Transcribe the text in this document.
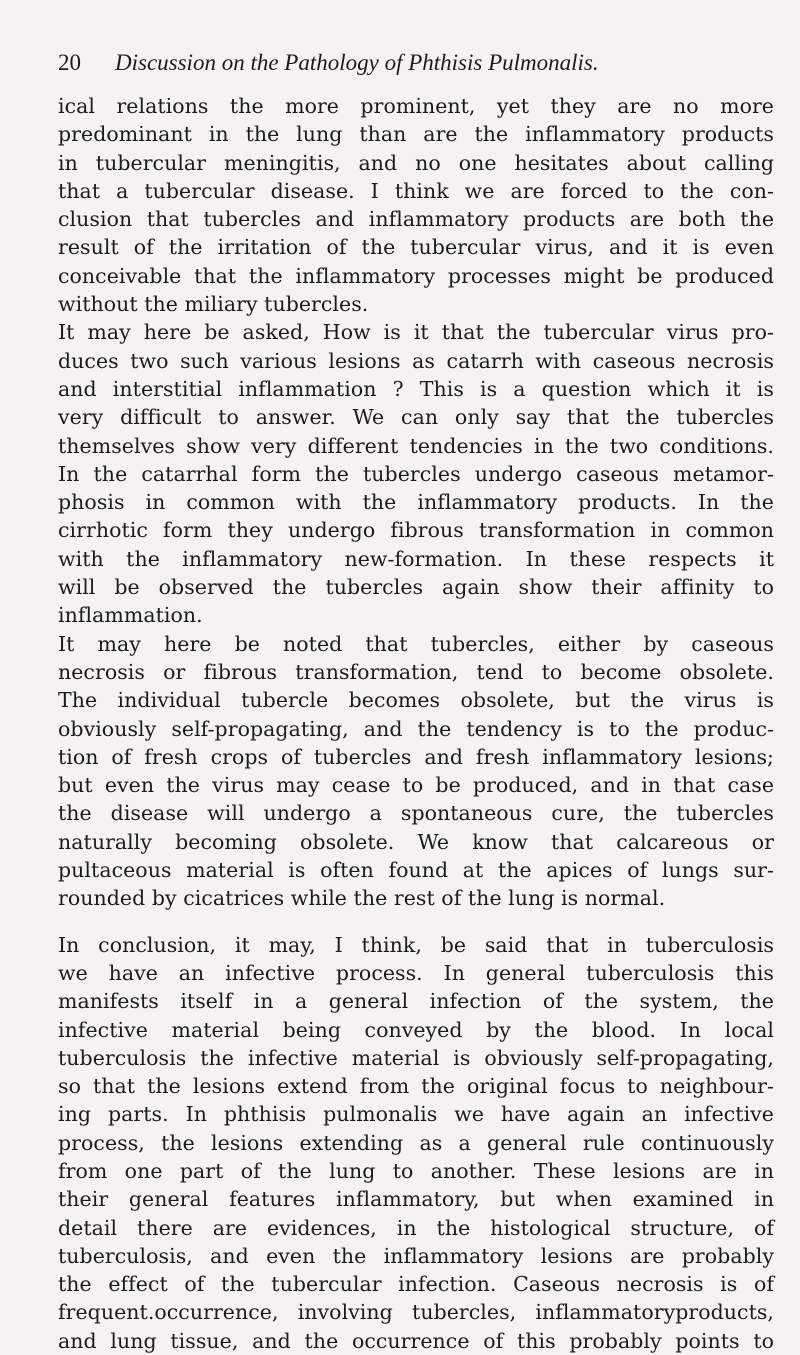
20 Discussion on the Pathology of Phthisis Pulmonalis.
ical relations the more prominent, yet they are no more
predominant in the lung than are the inflammatory products
in tubercular meningitis, and no one hesitates about calling
that a tubercular disease. I think we are forced to the con-
clusion that tubercles and inflammatory products are both the
result of the irritation of the tubercular virus, and it is even
conceivable that the inflammatory processes might be produced
without the miliary tubercles.
It may here be asked, How is it that the tubercular virus pro-
duces two such various lesions as catarrh with caseous necrosis
and interstitial inflammation ? This is a question which it is
very difficult to answer. We can only say that the tubercles
themselves show very different tendencies in the two conditions.
In the catarrhal form the tubercles undergo caseous metamor-
phosis in common with the inflammatory products. In the
cirrhotic form they undergo fibrous transformation in common
with the inflammatory new-formation. In these respects it
will be observed the tubercles again show their affinity to
inflammation.
It may here be noted that tubercles, either by caseous
necrosis or fibrous transformation, tend to become obsolete.
The individual tubercle becomes obsolete, but the virus is
obviously self-propagating, and the tendency is to the produc-
tion of fresh crops of tubercles and fresh inflammatory lesions;
but even the virus may cease to be produced, and in that case
the disease will undergo a spontaneous cure, the tubercles
naturally becoming obsolete. We know that calcareous or
pultaceous material is often found at the apices of lungs sur-
rounded by cicatrices while the rest of the lung is normal.
In conclusion, it may, I think, be said that in tuberculosis
we have an infective process. In general tuberculosis this
manifests itself in a general infection of the system, the
infective material being conveyed by the blood. In local
tuberculosis the infective material is obviously self-propagating,
so that the lesions extend from the original focus to neighbour-
ing parts. In phthisis pulmonalis we have again an infective
process, the lesions extending as a general rule continuously
from one part of the lung to another. These lesions are in
their general features inflammatory, but when examined in
detail there are evidences, in the histological structure, of
tuberculosis, and even the inflammatory lesions are probably
the effect of the tubercular infection. Caseous necrosis is of
frequent.occurrence, involving tubercles, inflammatoryproducts,
and lung tissue, and the occurrence of this probably points to
